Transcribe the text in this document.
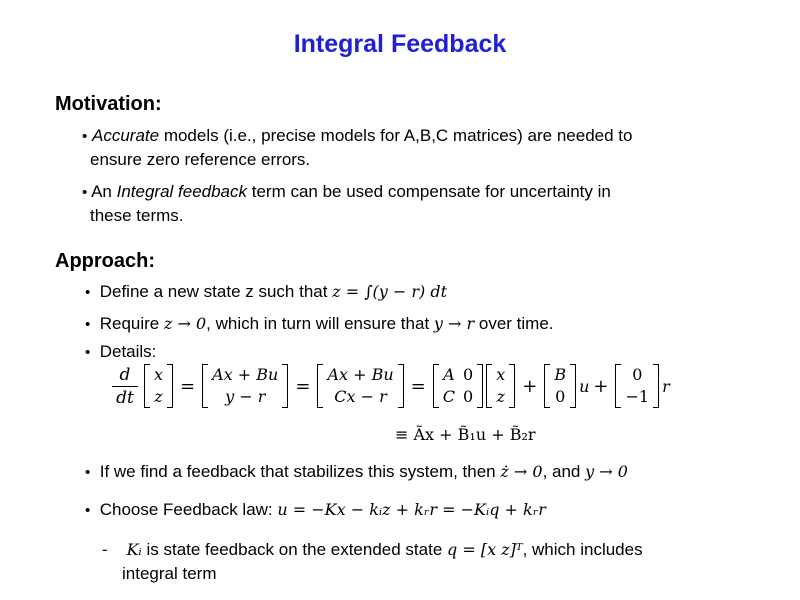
Integral Feedback
Motivation:
• Accurate models (i.e., precise models for A,B,C matrices) are needed to
ensure zero reference errors.
• An Integral feedback term can be used compensate for uncertainty in
these terms.
Approach:
• Define a new state z such that z = ∫(y − r) dt
• Require z → 0, which in turn will ensure that y → r over time.
• Details:
$\frac{d}{dt}$ x
z =
Ax + Bu
y − r	=
Ax + Bu
Cx − r	=
A 0
C 0
x
z +
B
0
u +
0
−1
r
≡ Ãx + B̃₁u + B̃₂r
• If we find a feedback that stabilizes this system, then ż → 0, and y → 0
• Choose Feedback law: u = −Kx − kᵢz + kᵣr = −Kᵢq + kᵣr
- Kᵢ is state feedback on the extended state q = [x z]ᵀ, which includes
integral term
